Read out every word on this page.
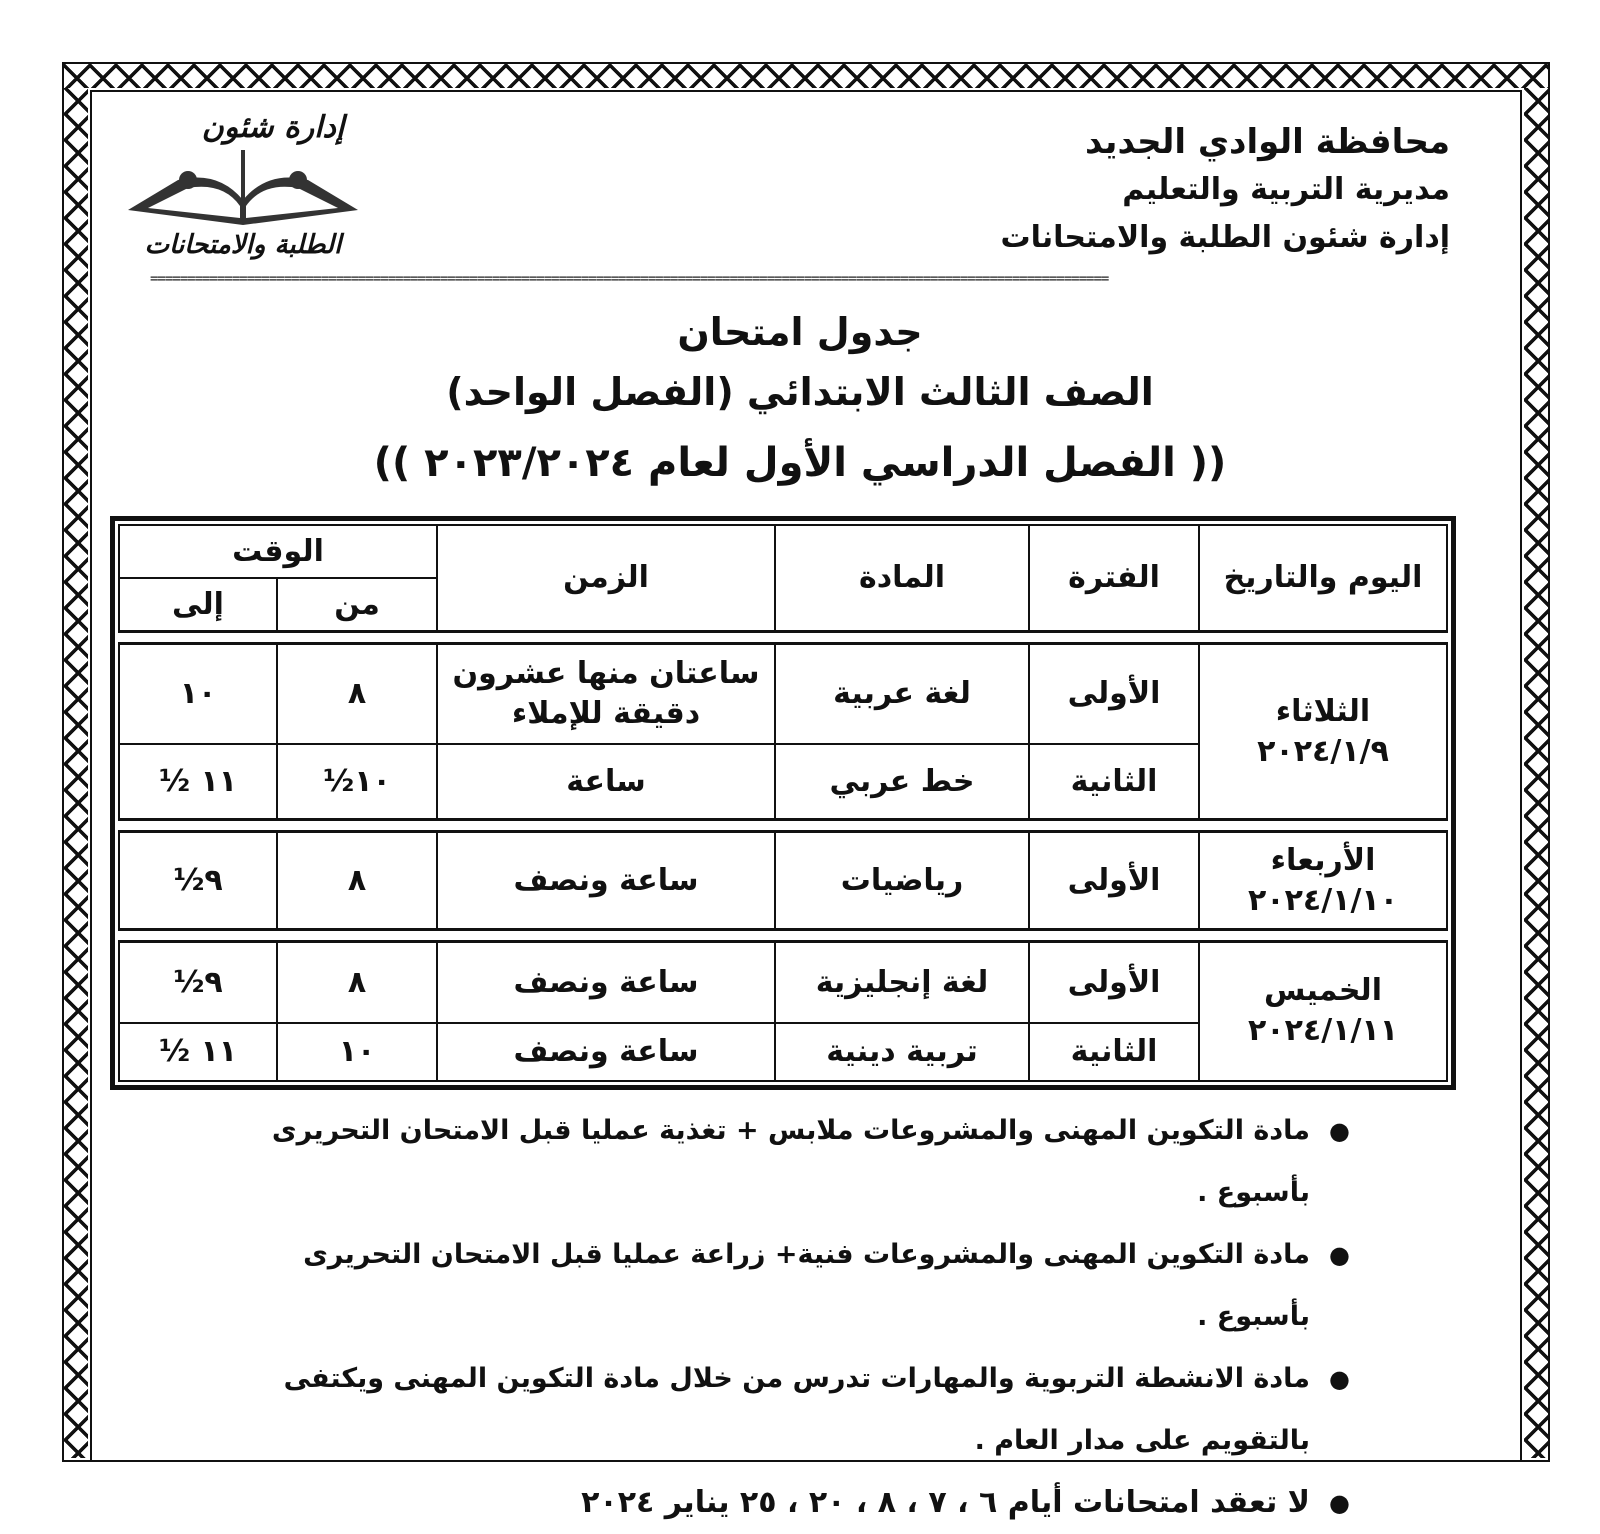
محافظة الوادي الجديد
مديرية التربية والتعليم
إدارة شئون الطلبة والامتحانات
إدارة شئون
الطلبة والامتحانات
=================================================================================================================================
جدول امتحان
الصف الثالث الابتدائي (الفصل الواحد)
(( الفصل الدراسي الأول لعام ٢٠٢٣/٢٠٢٤ ))
اليوم والتاريخ	الفترة	المادة	الزمن	الوقت	
				من	إلى

الثلاثاء
٢٠٢٤/١/٩	الأولى	لغة عربية	ساعتان منها عشرون دقيقة للإملاء	٨	١٠
	الثانية	خط عربي	ساعة	١٠½	١١ ½

الأربعاء
٢٠٢٤/١/١٠	الأولى	رياضيات	ساعة ونصف	٨	٩½

الخميس
٢٠٢٤/١/١١	الأولى	لغة إنجليزية	ساعة ونصف	٨	٩½
	الثانية	تربية دينية	ساعة ونصف	١٠	١١ ½
●
مادة التكوين المهنى والمشروعات ملابس + تغذية عمليا قبل الامتحان التحريرى بأسبوع .
●
مادة التكوين المهنى والمشروعات فنية+ زراعة عمليا قبل الامتحان التحريرى بأسبوع .
●
مادة الانشطة التربوية والمهارات تدرس من خلال مادة التكوين المهنى ويكتفى بالتقويم على مدار العام .
●
لا تعقد امتحانات أيام ٦ ، ٧ ، ٨ ، ٢٠ ، ٢٥ يناير ٢٠٢٤
